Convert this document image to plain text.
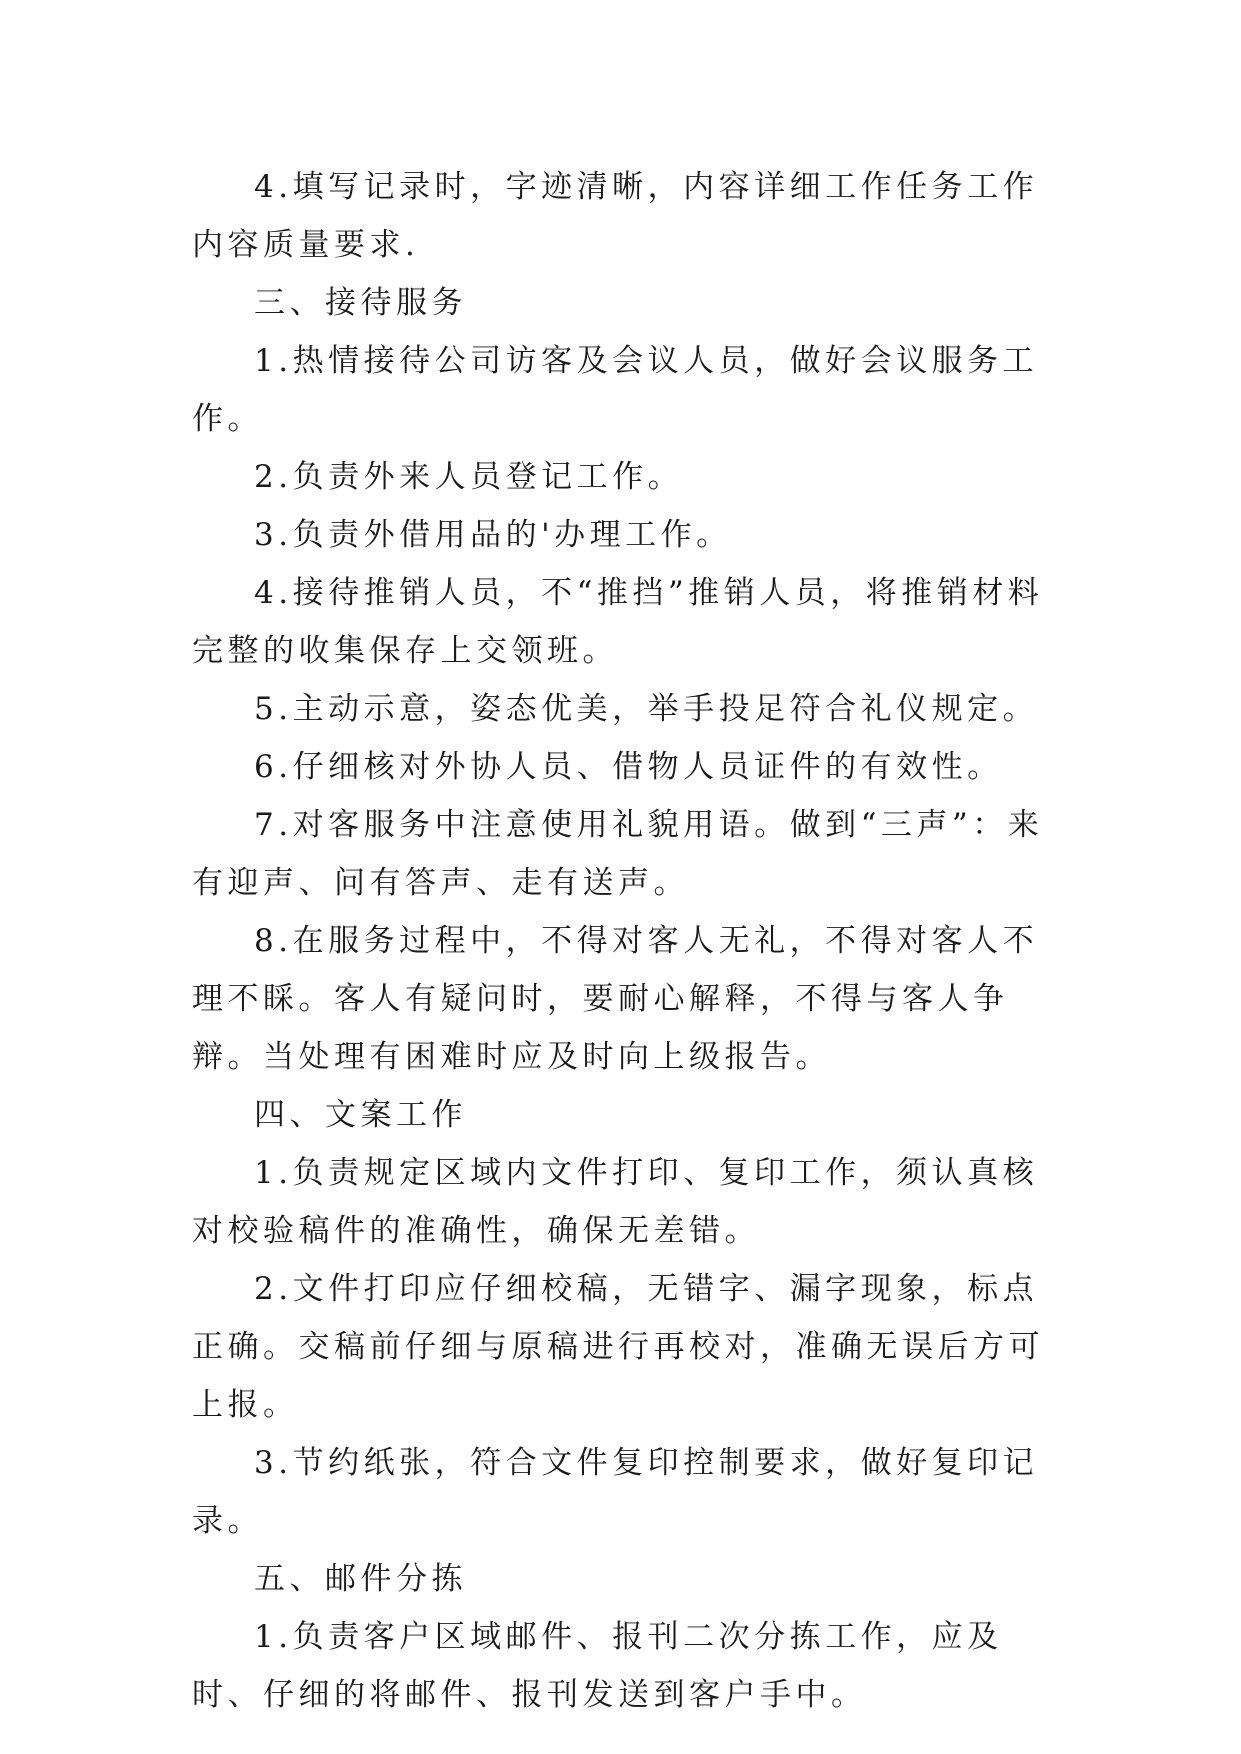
4.填写记录时，字迹清晰，内容详细工作任务工作内容质量要求.

三、接待服务

1.热情接待公司访客及会议人员，做好会议服务工作。

2.负责外来人员登记工作。

3.负责外借用品的'办理工作。

4.接待推销人员，不“推挡”推销人员，将推销材料完整的收集保存上交领班。

5.主动示意，姿态优美，举手投足符合礼仪规定。

6.仔细核对外协人员、借物人员证件的有效性。

7.对客服务中注意使用礼貌用语。做到“三声”：来有迎声、问有答声、走有送声。

8.在服务过程中，不得对客人无礼，不得对客人不理不睬。客人有疑问时，要耐心解释，不得与客人争辩。当处理有困难时应及时向上级报告。

四、文案工作

1.负责规定区域内文件打印、复印工作，须认真核对校验稿件的准确性，确保无差错。

2.文件打印应仔细校稿，无错字、漏字现象，标点正确。交稿前仔细与原稿进行再校对，准确无误后方可上报。

3.节约纸张，符合文件复印控制要求，做好复印记录。

五、邮件分拣

1.负责客户区域邮件、报刊二次分拣工作，应及时、仔细的将邮件、报刊发送到客户手中。
